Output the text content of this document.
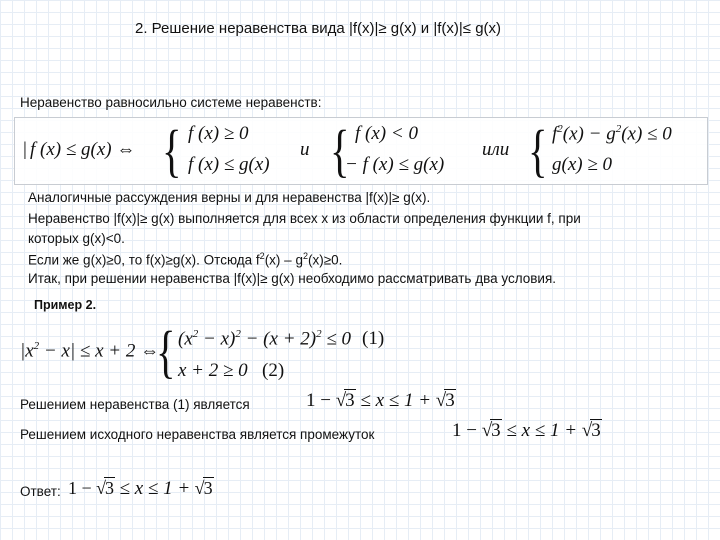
2. Решение неравенства вида |f(x)|≥ g(x) и |f(x)|≤ g(x)
Неравенство равносильно системе неравенств:
| f (x) ≤ g(x) ⇔ { f (x) ≥ 0
f (x) ≤ g(x)
и { f (x) < 0
− f (x) ≤ g(x)
или { $f^2(x) - g^2(x) \le 0$
g(x) ≥ 0
Аналогичные рассуждения верны и для неравенства |f(x)|≥ g(x).
Неравенство |f(x)|≥ g(x) выполняется для всех х из области определения функции f, при
которых g(x)<0.
Если же g(x)≥0, то f(x)≥g(x). Отсюда $f^2(x) - g^2(x)\ge 0$.
Итак, при решении неравенства |f(x)|≥ g(x) необходимо рассматривать два условия.
Пример 2.
$|x^2 - x| \le x + 2$ ⇔
{ $(x^2 - x)^2 - (x + 2)^2 \le 0$ (1)
x + 2 ≥ 0 (2)
Решением неравенства (1) является	1 − √3 ≤ x ≤ 1 + √3
Решением исходного неравенства является промежуток	1 − √3 ≤ x ≤ 1 + √3
Ответ: 1 − √3 ≤ x ≤ 1 + √3
